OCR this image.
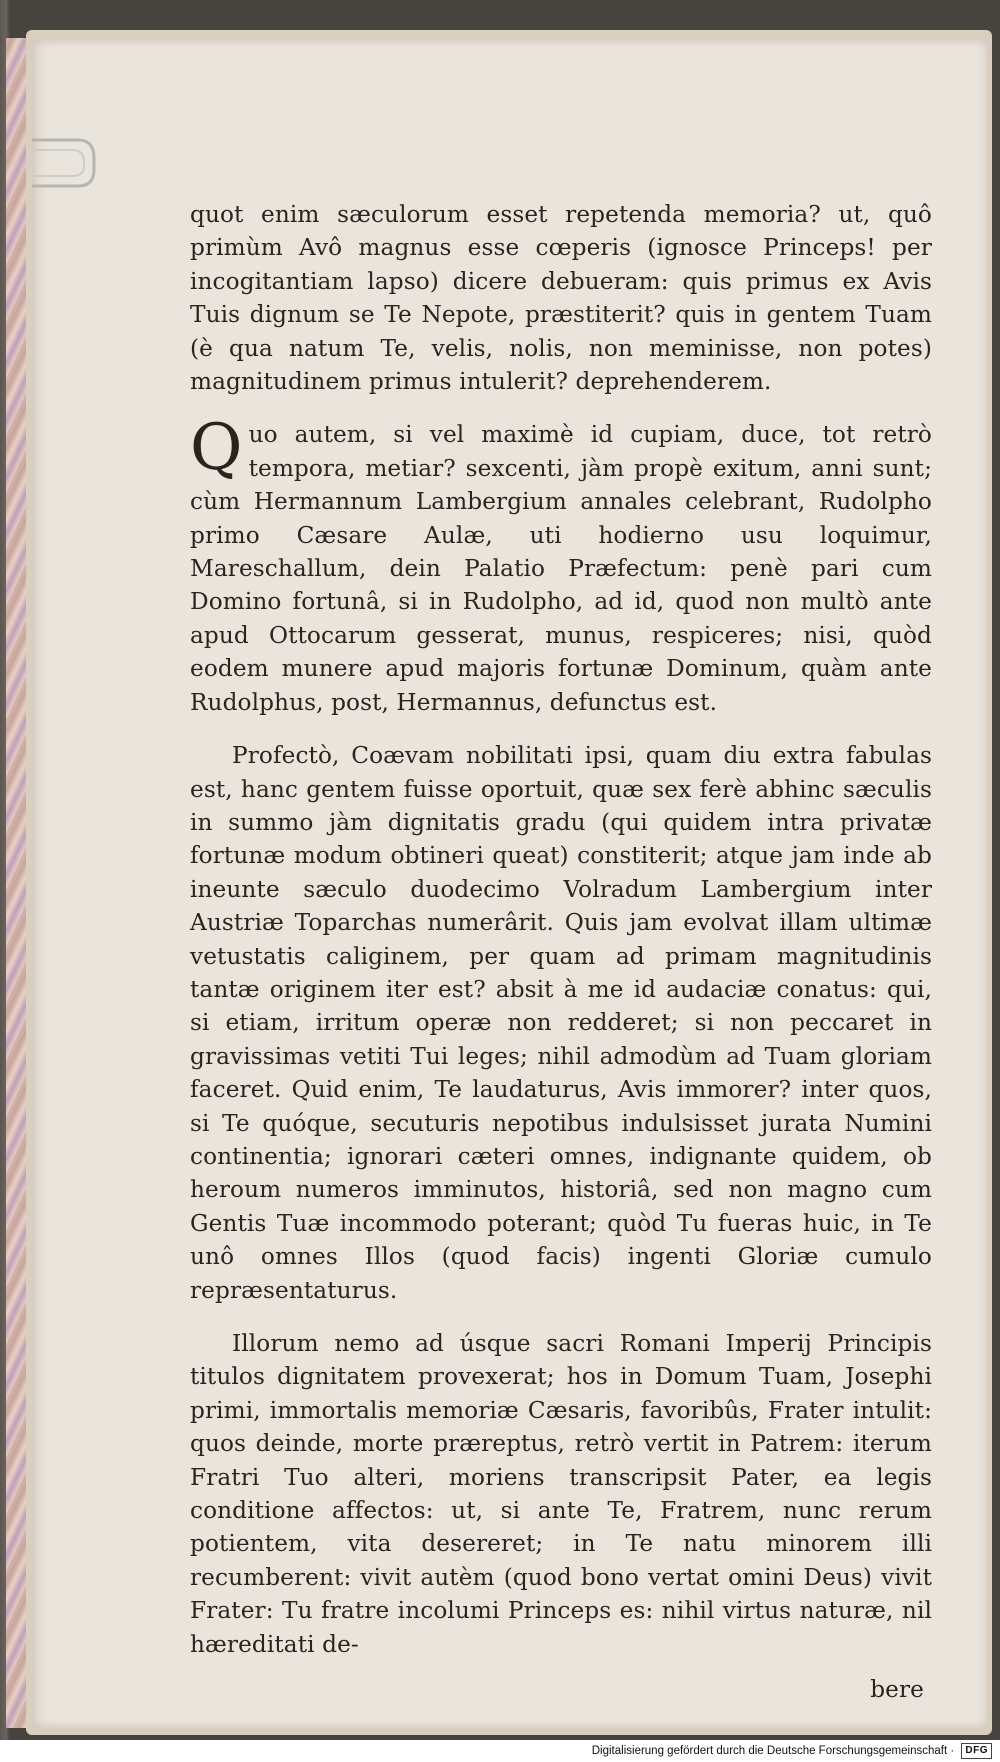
quot enim sæculorum esset repetenda memoria? ut, quô primùm Avô magnus esse cœperis (ignosce Princeps! per incogitantiam lapso) dicere debueram: quis primus ex Avis Tuis dignum se Te Nepote, præstiterit? quis in gentem Tuam (è qua natum Te, velis, nolis, non meminisse, non potes) magnitudinem primus intulerit? deprehenderem.

Quo autem, si vel maximè id cupiam, duce, tot retrò tempora, metiar? sexcenti, jàm propè exitum, anni sunt; cùm Hermannum Lambergium annales celebrant, Rudolpho primo Cæsare Aulæ, uti hodierno usu loquimur, Mareschallum, dein Palatio Præfectum: penè pari cum Domino fortunâ, si in Rudolpho, ad id, quod non multò ante apud Ottocarum gesserat, munus, respiceres; nisi, quòd eodem munere apud majoris fortunæ Dominum, quàm ante Rudolphus, post, Hermannus, defunctus est.

Profectò, Coævam nobilitati ipsi, quam diu extra fabulas est, hanc gentem fuisse oportuit, quæ sex ferè abhinc sæculis in summo jàm dignitatis gradu (qui quidem intra privatæ fortunæ modum obtineri queat) constiterit; atque jam inde ab ineunte sæculo duodecimo Volradum Lambergium inter Austriæ Toparchas numerârit. Quis jam evolvat illam ultimæ vetustatis caliginem, per quam ad primam magnitudinis tantæ originem iter est? absit à me id audaciæ conatus: qui, si etiam, irritum operæ non redderet; si non peccaret in gravissimas vetiti Tui leges; nihil admodùm ad Tuam gloriam faceret. Quid enim, Te laudaturus, Avis immorer? inter quos, si Te quóque, secuturis nepotibus indulsisset jurata Numini continentia; ignorari cæteri omnes, indignante quidem, ob heroum numeros imminutos, historiâ, sed non magno cum Gentis Tuæ incommodo poterant; quòd Tu fueras huic, in Te unô omnes Illos (quod facis) ingenti Gloriæ cumulo repræsentaturus.

Illorum nemo ad úsque sacri Romani Imperij Principis titulos dignitatem provexerat; hos in Domum Tuam, Josephi primi, immortalis memoriæ Cæsaris, favoribûs, Frater intulit: quos deinde, morte præreptus, retrò vertit in Patrem: iterum Fratri Tuo alteri, moriens transcripsit Pater, ea legis conditione affectos: ut, si ante Te, Fratrem, nunc rerum potientem, vita desereret; in Te natu minorem illi recumberent: vivit autèm (quod bono vertat omini Deus) vivit Frater: Tu fratre incolumi Princeps es: nihil virtus naturæ, nil hæreditati de-

bere
Digitalisierung gefördert durch die Deutsche Forschungsgemeinschaft · DFG
